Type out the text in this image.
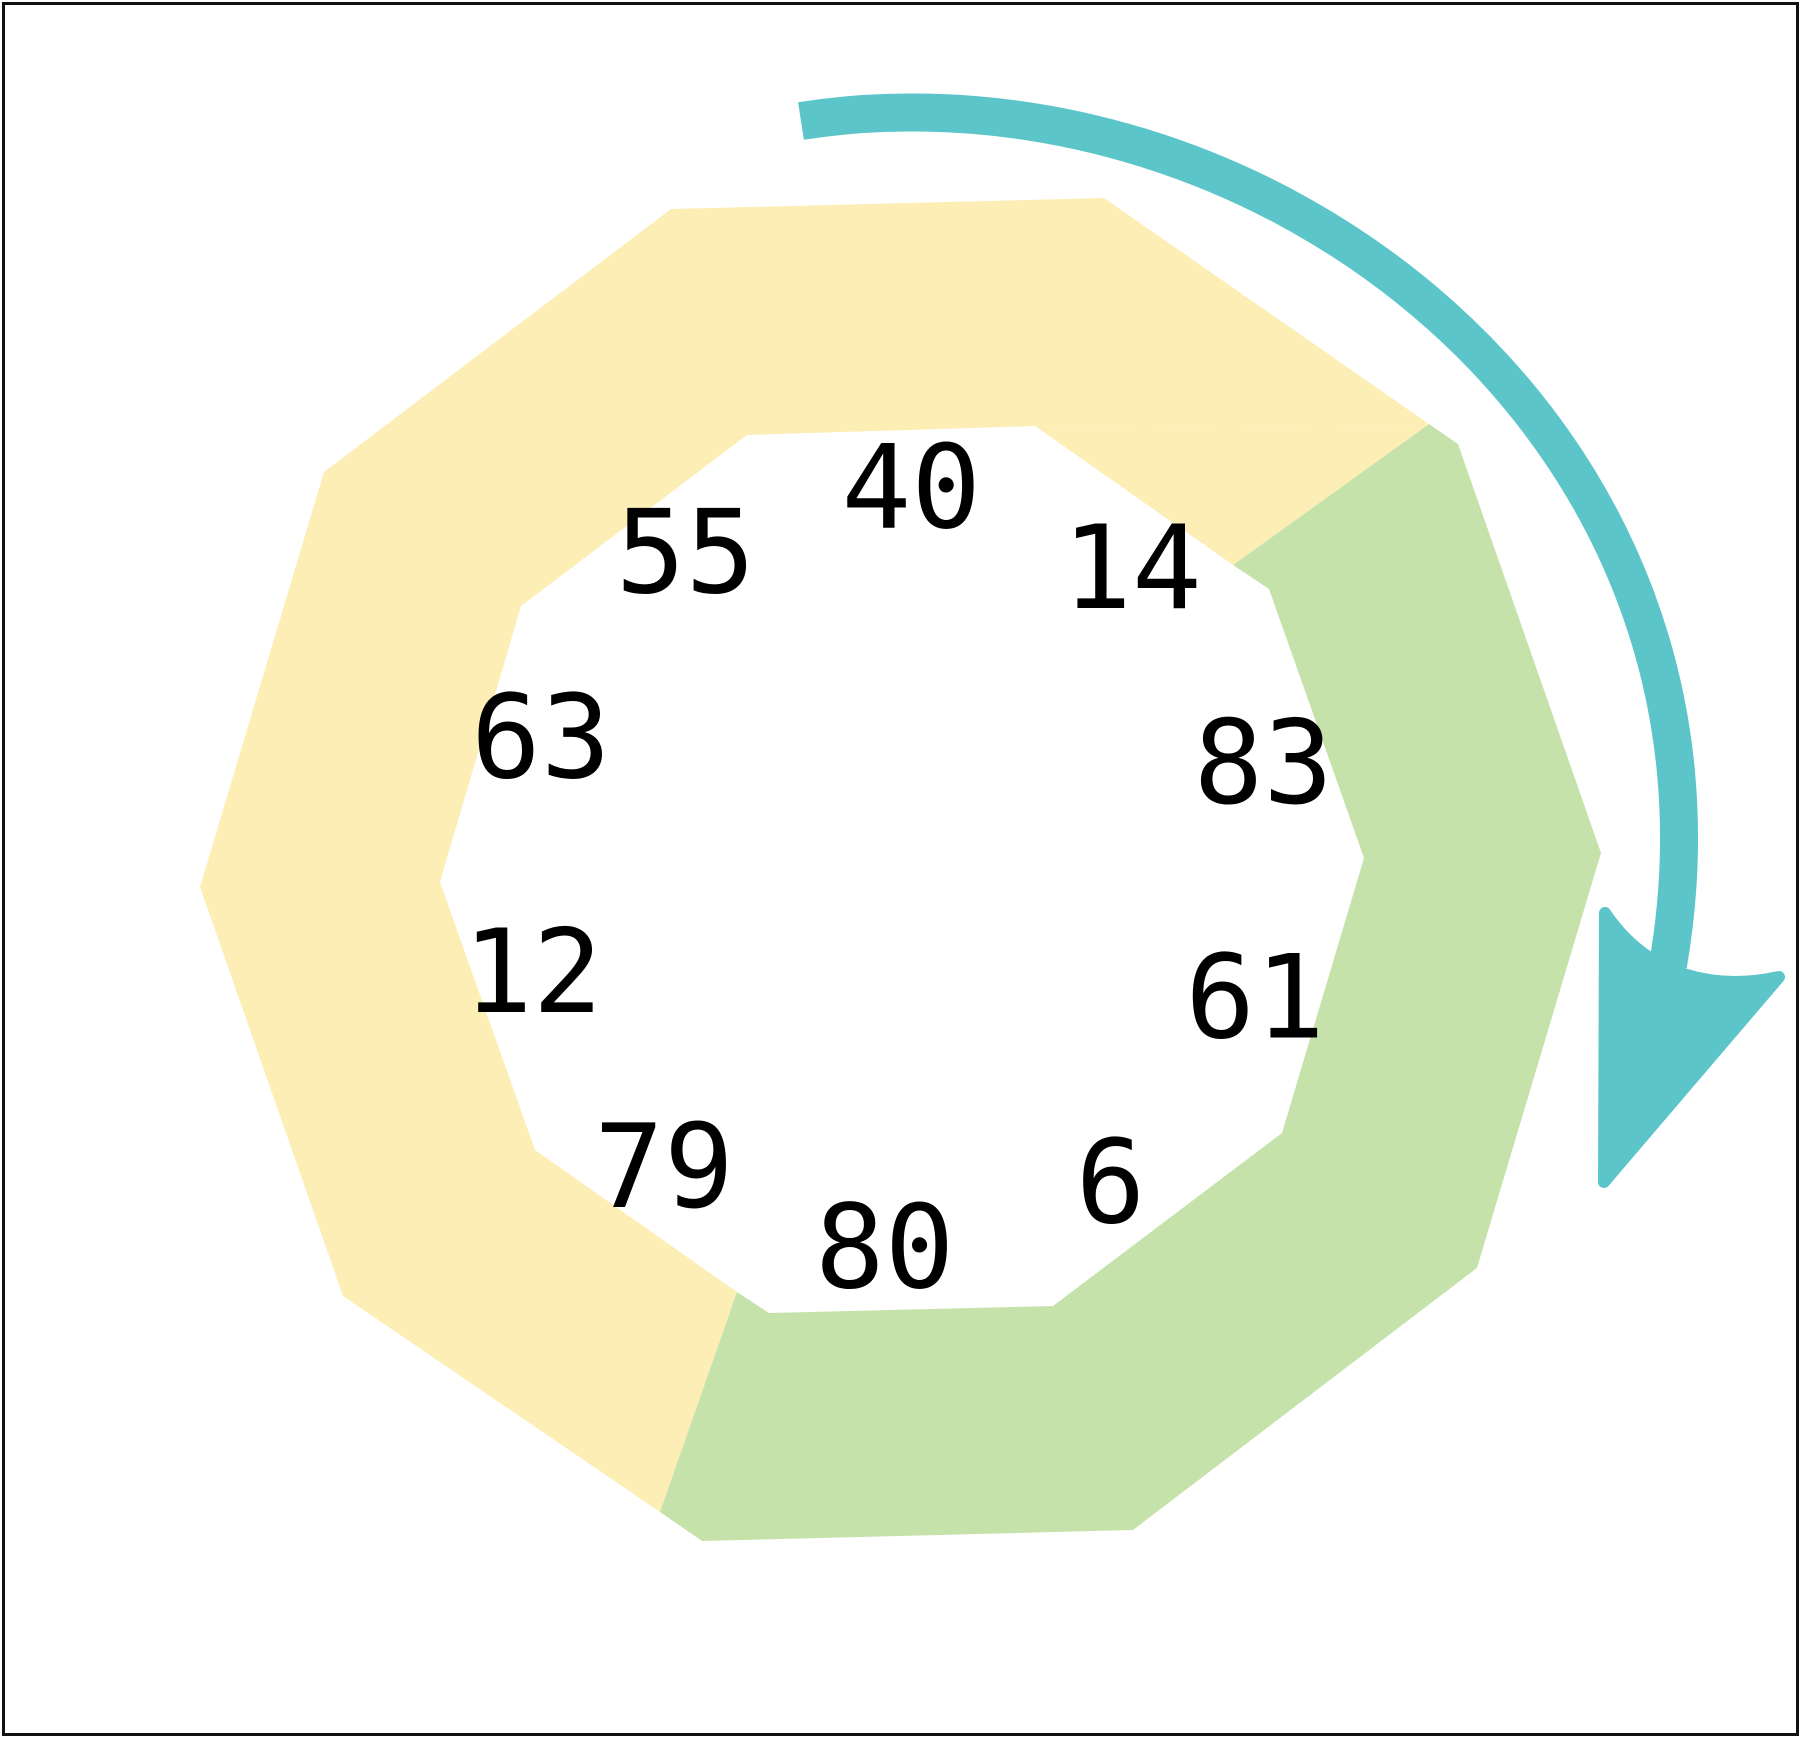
40
14
83
61
6
80
79
12
63
55
